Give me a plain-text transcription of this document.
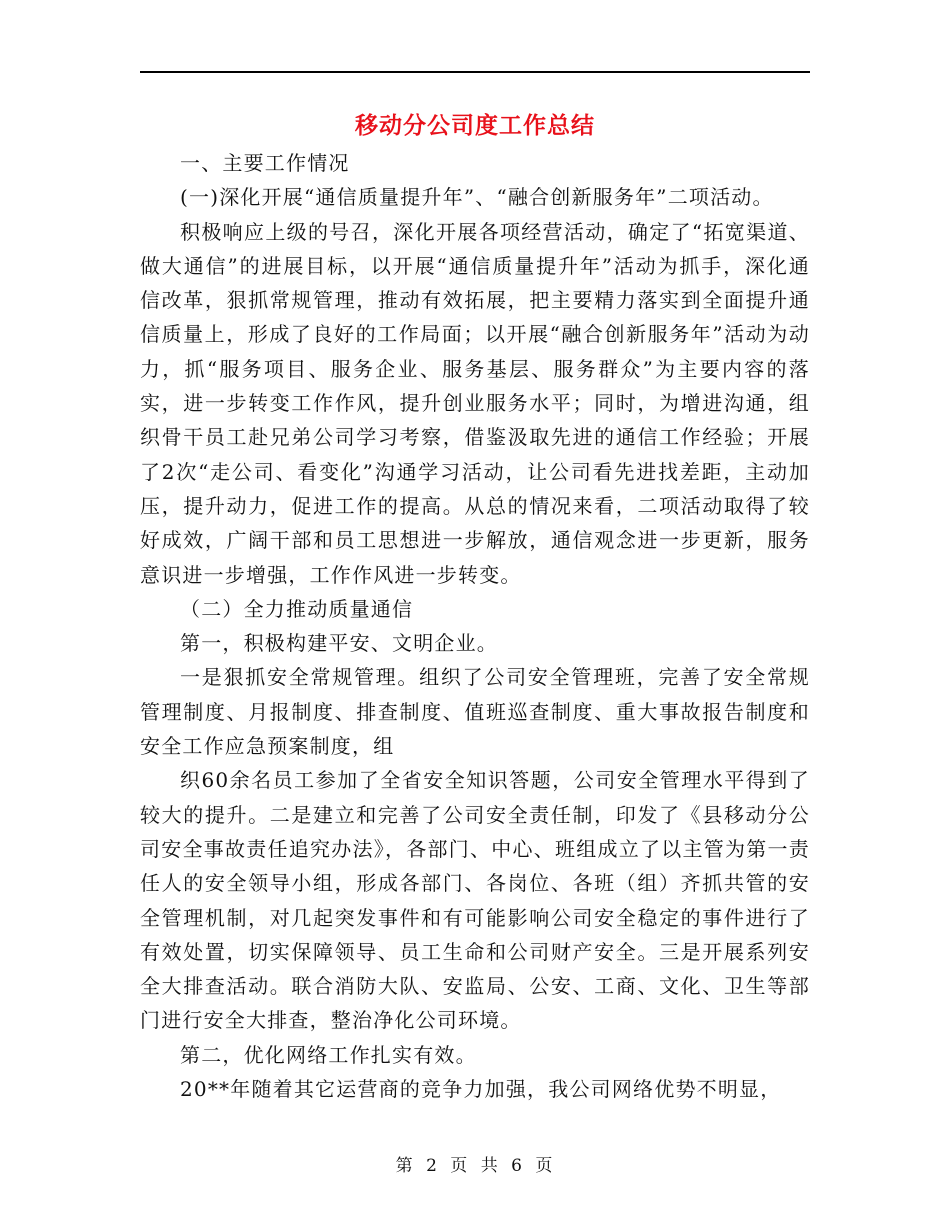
移动分公司度工作总结

一、主要工作情况

(一)深化开展“通信质量提升年”、“融合创新服务年”二项活动。

积极响应上级的号召，深化开展各项经营活动，确定了“拓宽渠道、做大通信”的进展目标，以开展“通信质量提升年”活动为抓手，深化通信改革，狠抓常规管理，推动有效拓展，把主要精力落实到全面提升通信质量上，形成了良好的工作局面；以开展“融合创新服务年”活动为动力，抓“服务项目、服务企业、服务基层、服务群众”为主要内容的落实，进一步转变工作作风，提升创业服务水平；同时，为增进沟通，组织骨干员工赴兄弟公司学习考察，借鉴汲取先进的通信工作经验；开展了2次“走公司、看变化”沟通学习活动，让公司看先进找差距，主动加压，提升动力，促进工作的提高。从总的情况来看，二项活动取得了较好成效，广阔干部和员工思想进一步解放，通信观念进一步更新，服务意识进一步增强，工作作风进一步转变。

（二）全力推动质量通信

第一，积极构建平安、文明企业。

一是狠抓安全常规管理。组织了公司安全管理班，完善了安全常规管理制度、月报制度、排查制度、值班巡查制度、重大事故报告制度和安全工作应急预案制度，组

织60余名员工参加了全省安全知识答题，公司安全管理水平得到了较大的提升。二是建立和完善了公司安全责任制，印发了《县移动分公司安全事故责任追究办法》，各部门、中心、班组成立了以主管为第一责任人的安全领导小组，形成各部门、各岗位、各班（组）齐抓共管的安全管理机制，对几起突发事件和有可能影响公司安全稳定的事件进行了有效处置，切实保障领导、员工生命和公司财产安全。三是开展系列安全大排查活动。联合消防大队、安监局、公安、工商、文化、卫生等部门进行安全大排查，整治净化公司环境。

第二，优化网络工作扎实有效。

20**年随着其它运营商的竞争力加强，我公司网络优势不明显，

第 2 页 共 6 页
